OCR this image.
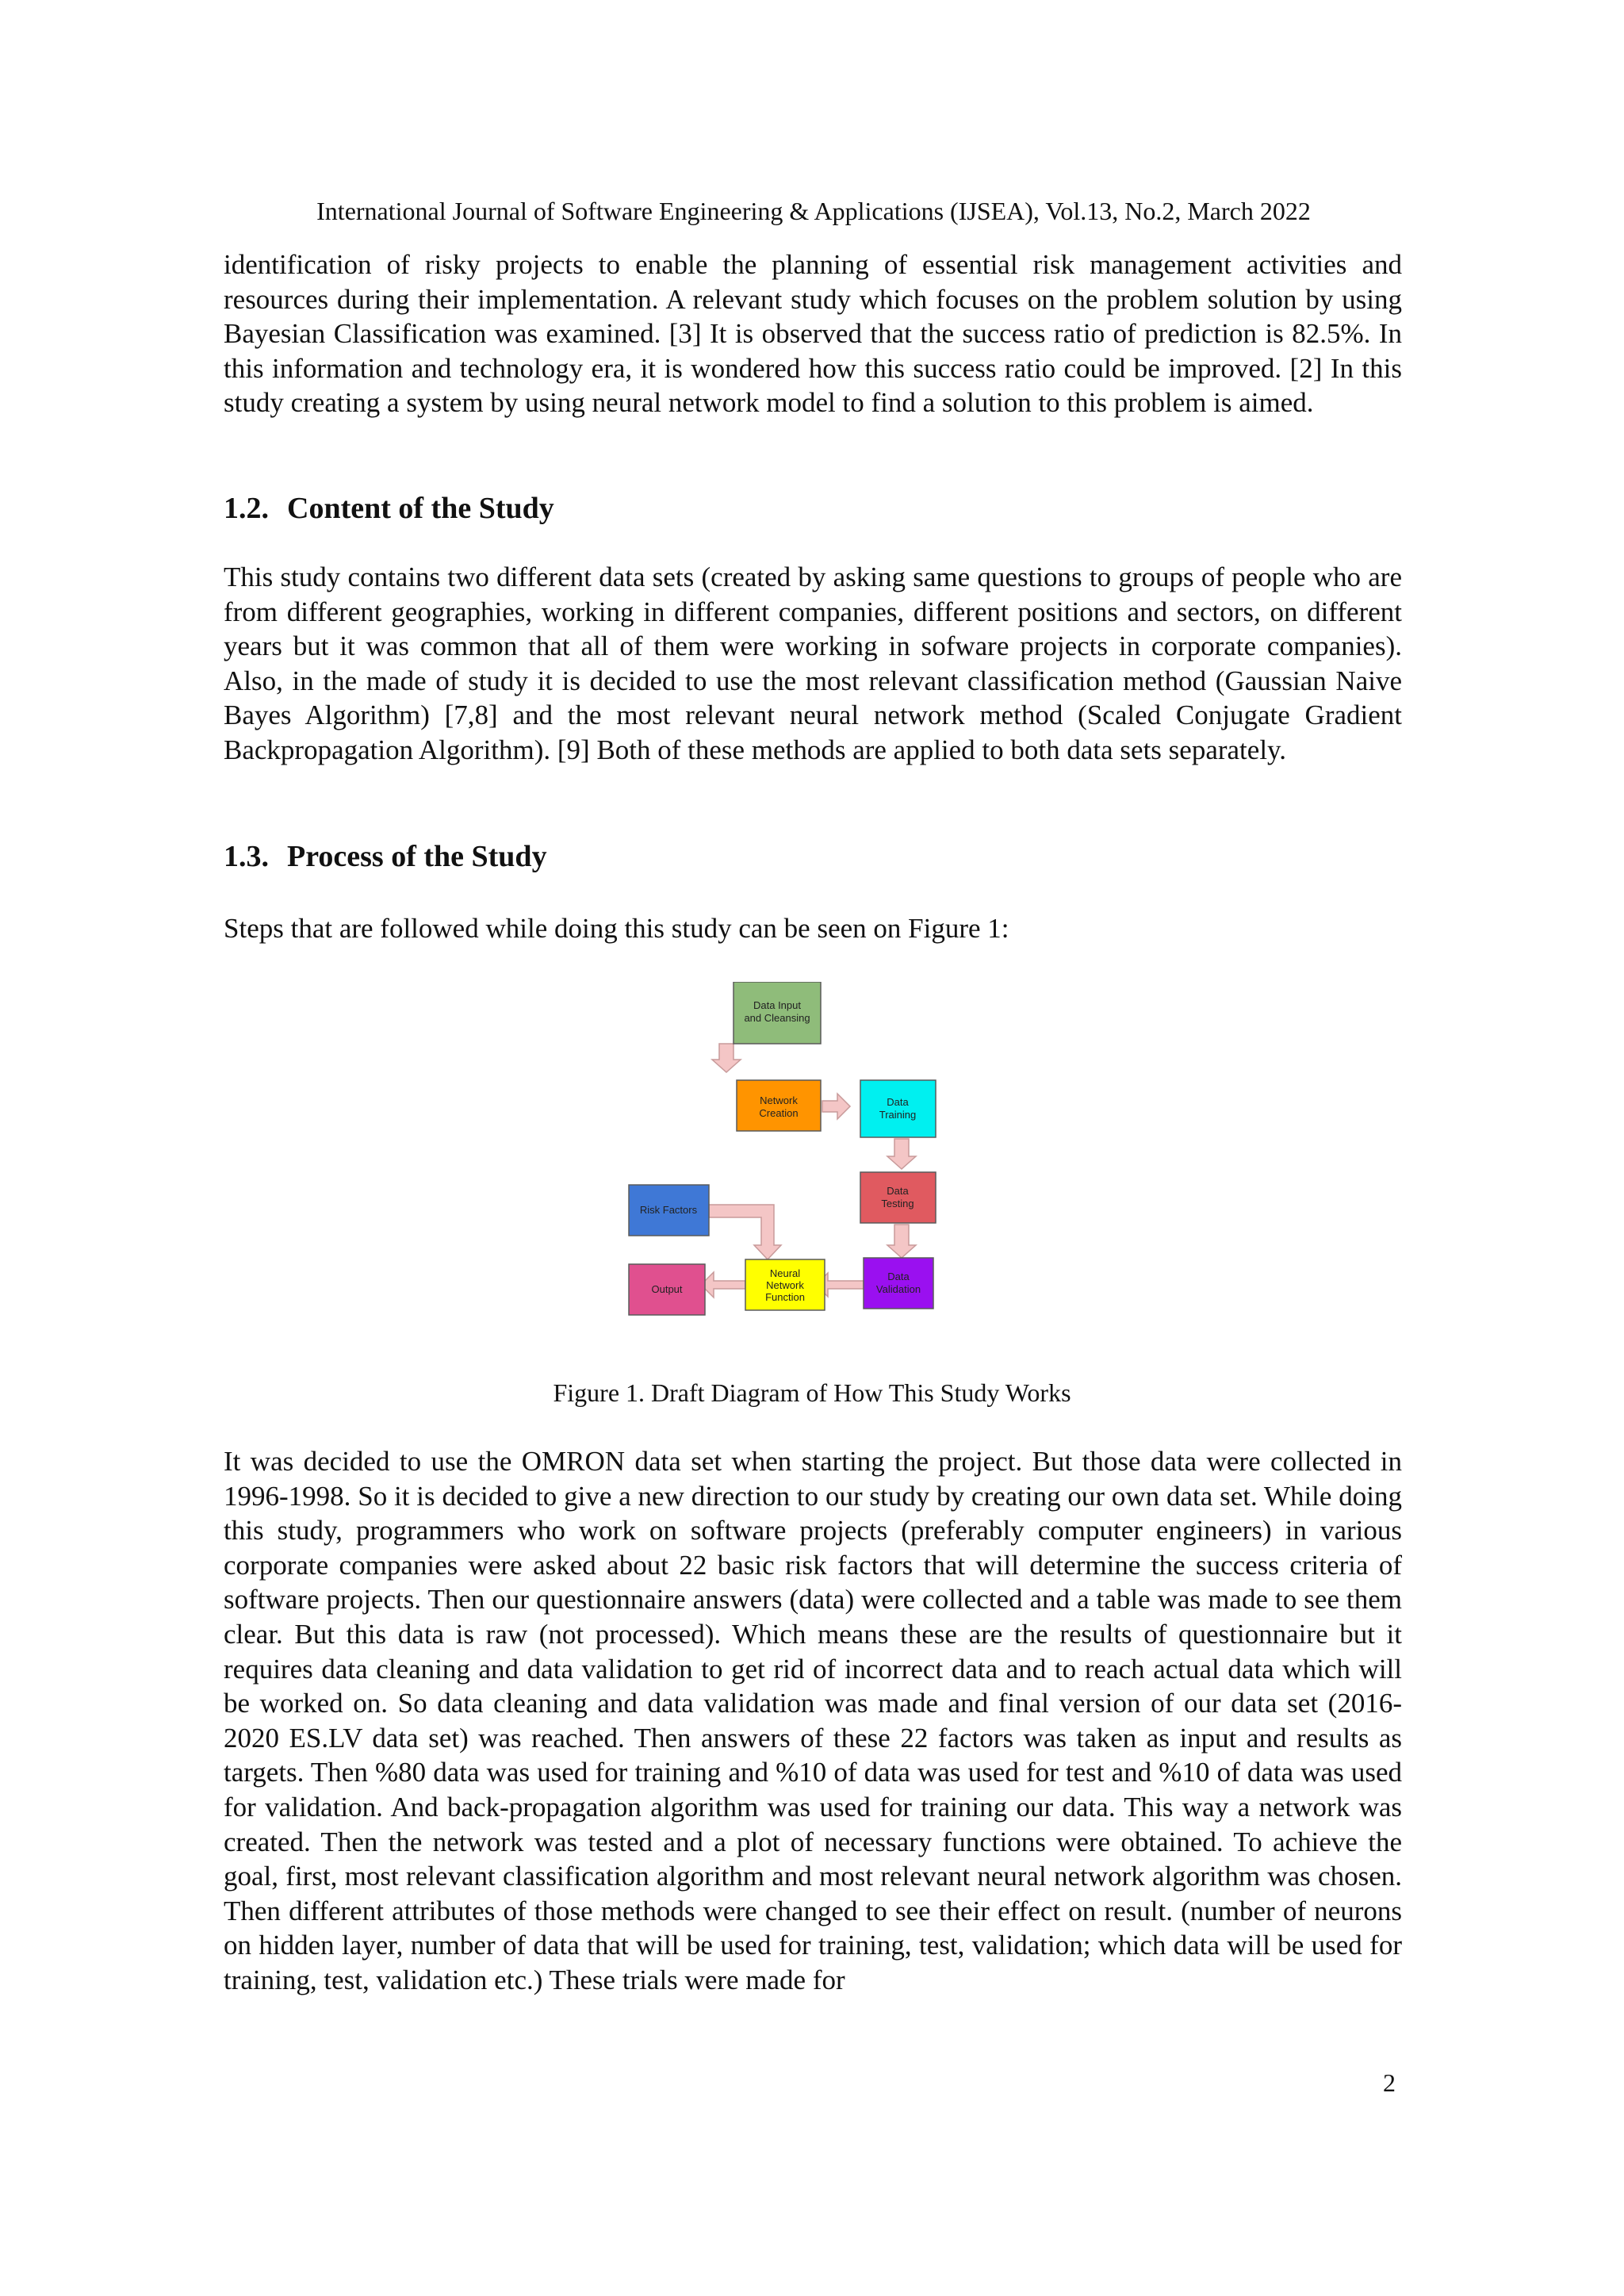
International Journal of Software Engineering & Applications (IJSEA), Vol.13, No.2, March 2022

identification of risky projects to enable the planning of essential risk management activities and resources during their implementation. A relevant study which focuses on the problem solution by using Bayesian Classification was examined. [3] It is observed that the success ratio of prediction is 82.5%. In this information and technology era, it is wondered how this success ratio could be improved. [2] In this study creating a system by using neural network model to find a solution to this problem is aimed.

1.2. Content of the Study

This study contains two different data sets (created by asking same questions to groups of people who are from different geographies, working in different companies, different positions and sectors, on different years but it was common that all of them were working in sofware projects in corporate companies). Also, in the made of study it is decided to use the most relevant classification method (Gaussian Naive Bayes Algorithm) [7,8] and the most relevant neural network method (Scaled Conjugate Gradient Backpropagation Algorithm). [9] Both of these methods are applied to both data sets separately.

1.3. Process of the Study

Steps that are followed while doing this study can be seen on Figure 1:

Data Input
and Cleansing
Network
Creation
Data
Training
Data
Testing
Data
Validation
Risk Factors
Neural
Network
Function
Output
Figure 1. Draft Diagram of How This Study Works

It was decided to use the OMRON data set when starting the project. But those data were collected in 1996-1998. So it is decided to give a new direction to our study by creating our own data set. While doing this study, programmers who work on software projects (preferably computer engineers) in various corporate companies were asked about 22 basic risk factors that will determine the success criteria of software projects. Then our questionnaire answers (data) were collected and a table was made to see them clear. But this data is raw (not processed). Which means these are the results of questionnaire but it requires data cleaning and data validation to get rid of incorrect data and to reach actual data which will be worked on. So data cleaning and data validation was made and final version of our data set (2016-2020 ES.LV data set) was reached. Then answers of these 22 factors was taken as input and results as targets. Then %80 data was used for training and %10 of data was used for test and %10 of data was used for validation. And back-propagation algorithm was used for training our data. This way a network was created. Then the network was tested and a plot of necessary functions were obtained. To achieve the goal, first, most relevant classification algorithm and most relevant neural network algorithm was chosen. Then different attributes of those methods were changed to see their effect on result. (number of neurons on hidden layer, number of data that will be used for training, test, validation; which data will be used for training, test, validation etc.) These trials were made for

2
